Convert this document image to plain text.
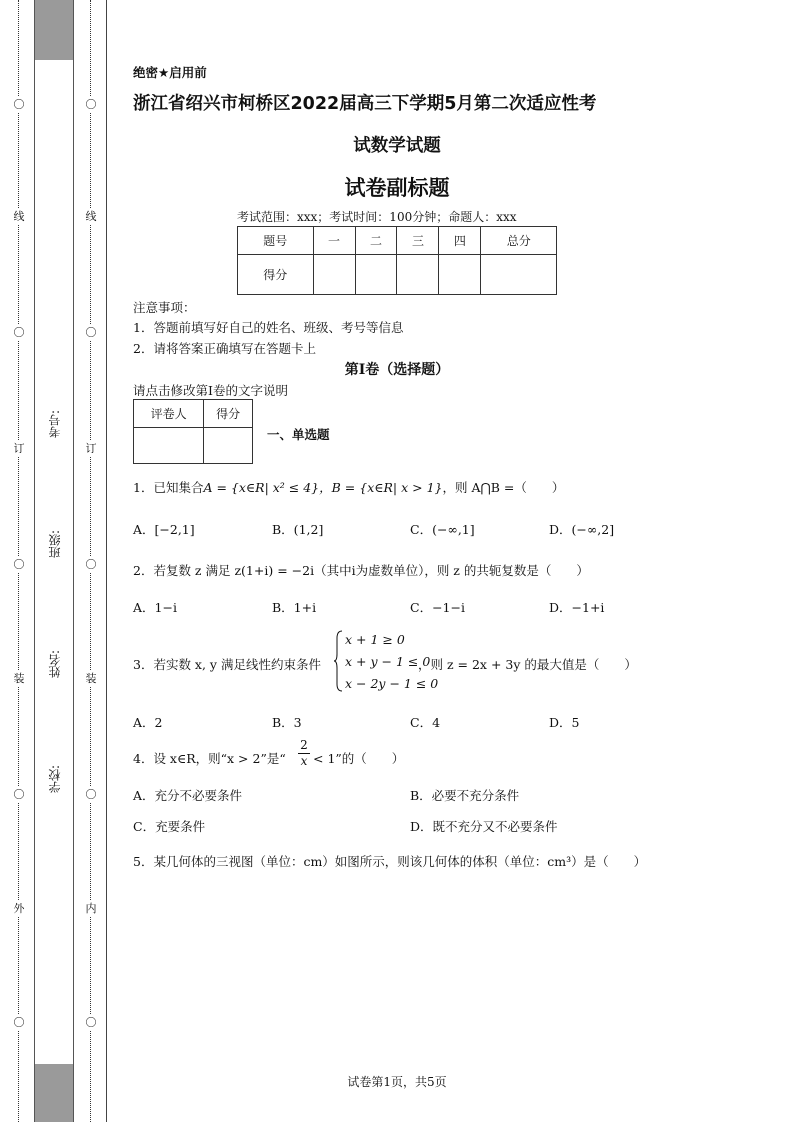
〇
线
〇
订
〇
装
〇
外
〇
〇
线
〇
订
〇
装
〇
内
〇
考号:
班级:
姓名:
学校:
绝密★启用前
浙江省绍兴市柯桥区2022届高三下学期5月第二次适应性考
试数学试题
试卷副标题
考试范围：xxx；考试时间：100分钟；命题人：xxx
题号	一	二	三	四	总分
得分					
注意事项：
1．答题前填写好自己的姓名、班级、考号等信息
2．请将答案正确填写在答题卡上
第I卷（选择题）
请点击修改第I卷的文字说明
评卷人	得分

一、单选题
1．已知集合A = {x∈R| x² ≤ 4}，B = {x∈R| x > 1}，则 A⋂B =（　　）
A．[−2,1]	B．(1,2]	C．(−∞,1]	D．(−∞,2]
2．若复数 z 满足 z(1+i) = −2i（其中i为虚数单位），则 z 的共轭复数是（　　）
A．1−i	B．1+i	C．−1−i	D．−1+i
3．若实数 x, y 满足线性约束条件
x + 1 ≥ 0
x + y − 1 ≤ 0
x − 2y − 1 ≤ 0
，则 z = 2x + 3y 的最大值是（　　）
A．2	B．3	C．4	D．5
4．设 x∈R，则“x > 2”是“ $\frac{2}{x} < 1$”的（　　）
A．充分不必要条件	B．必要不充分条件
C．充要条件	D．既不充分又不必要条件
5．某几何体的三视图（单位：cm）如图所示，则该几何体的体积（单位：cm³）是（　　）
试卷第1页，共5页
